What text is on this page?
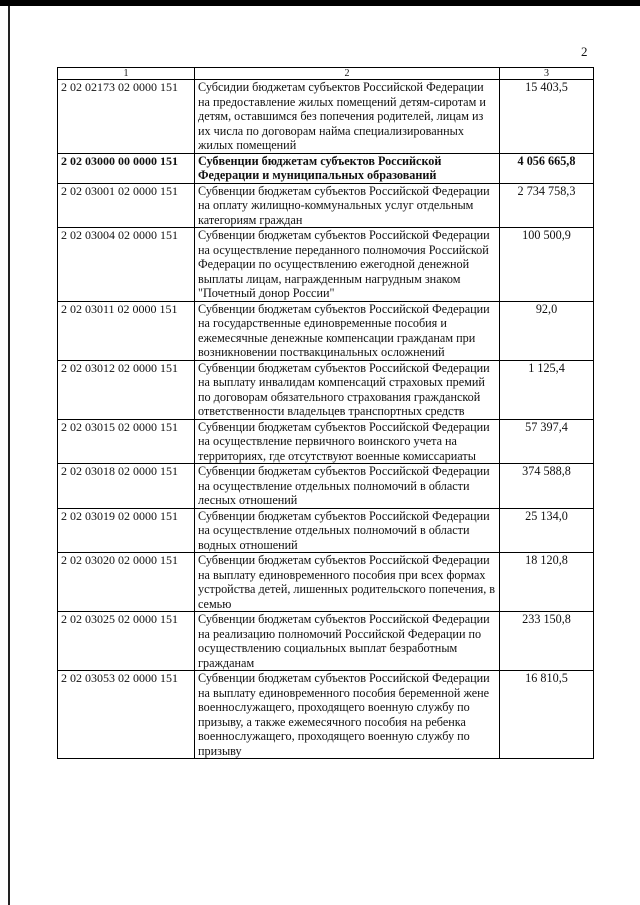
2
1	2	3
2 02 02173 02 0000 151	Субсидии бюджетам субъектов Российской Федерации на предоставление жилых помещений детям-сиротам и детям, оставшимся без попечения родителей, лицам из их числа по договорам найма специализированных жилых помещений	15 403,5
2 02 03000 00 0000 151	Субвенции бюджетам субъектов Российской Федерации и муниципальных образований	4 056 665,8
2 02 03001 02 0000 151	Субвенции бюджетам субъектов Российской Федерации на оплату жилищно-коммунальных услуг отдельным категориям граждан	2 734 758,3
2 02 03004 02 0000 151	Субвенции бюджетам субъектов Российской Федерации на осуществление переданного полномочия Российской Федерации по осуществлению ежегодной денежной выплаты лицам, награжденным нагрудным знаком "Почетный донор России"	100 500,9
2 02 03011 02 0000 151	Субвенции бюджетам субъектов Российской Федерации на государственные единовременные пособия и ежемесячные денежные компенсации гражданам при возникновении поствакцинальных осложнений	92,0
2 02 03012 02 0000 151	Субвенции бюджетам субъектов Российской Федерации на выплату инвалидам компенсаций страховых премий по договорам обязательного страхования гражданской ответственности владельцев транспортных средств	1 125,4
2 02 03015 02 0000 151	Субвенции бюджетам субъектов Российской Федерации на осуществление первичного воинского учета на территориях, где отсутствуют военные комиссариаты	57 397,4
2 02 03018 02 0000 151	Субвенции бюджетам субъектов Российской Федерации на осуществление отдельных полномочий в области лесных отношений	374 588,8
2 02 03019 02 0000 151	Субвенции бюджетам субъектов Российской Федерации на осуществление отдельных полномочий в области водных отношений	25 134,0
2 02 03020 02 0000 151	Субвенции бюджетам субъектов Российской Федерации на выплату единовременного пособия при всех формах устройства детей, лишенных родительского попечения, в семью	18 120,8
2 02 03025 02 0000 151	Субвенции бюджетам субъектов Российской Федерации на реализацию полномочий Российской Федерации по осуществлению социальных выплат безработным гражданам	233 150,8
2 02 03053 02 0000 151	Субвенции бюджетам субъектов Российской Федерации на выплату единовременного пособия беременной жене военнослужащего, проходящего военную службу по призыву, а также ежемесячного пособия на ребенка военнослужащего, проходящего военную службу по призыву	16 810,5
